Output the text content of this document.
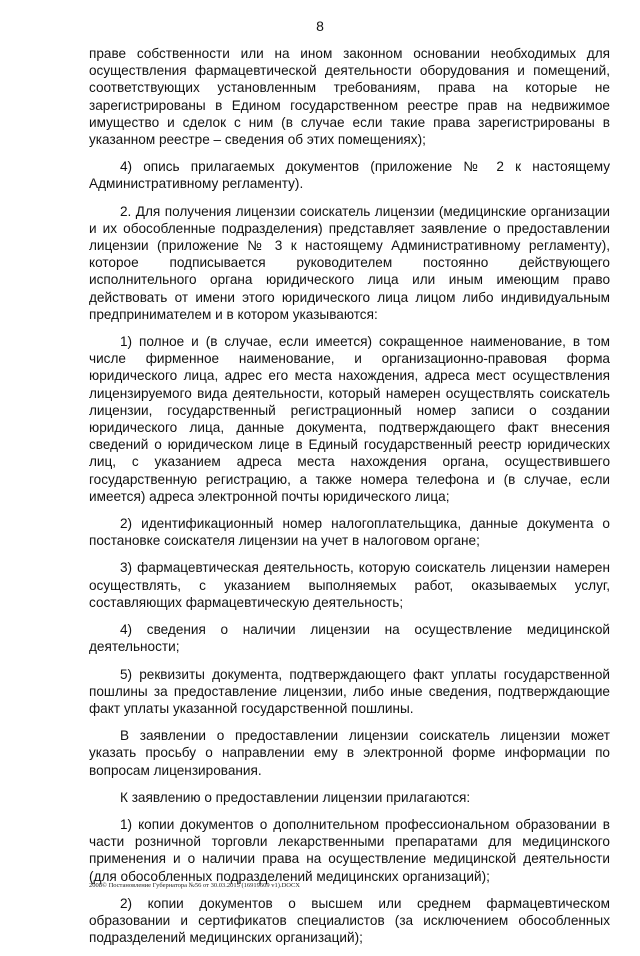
8

праве собственности или на ином законном основании необходимых для осуществления фармацевтической деятельности оборудования и помещений, соответствующих установленным требованиям, права на которые не зарегистрированы в Едином государственном реестре прав на недвижимое имущество и сделок с ним (в случае если такие права зарегистрированы в указанном реестре – сведения об этих помещениях);

4) опись прилагаемых документов (приложение № 2 к настоящему Административному регламенту).

2. Для получения лицензии соискатель лицензии (медицинские организации и их обособленные подразделения) представляет заявление о предоставлении лицензии (приложение № 3 к настоящему Административному регламенту), которое подписывается руководителем постоянно действующего исполнительного органа юридического лица или иным имеющим право действовать от имени этого юридического лица лицом либо индивидуальным предпринимателем и в котором указываются:

1) полное и (в случае, если имеется) сокращенное наименование, в том числе фирменное наименование, и организационно-правовая форма юридического лица, адрес его места нахождения, адреса мест осуществления лицензируемого вида деятельности, который намерен осуществлять соискатель лицензии, государственный регистрационный номер записи о создании юридического лица, данные документа, подтверждающего факт внесения сведений о юридическом лице в Единый государственный реестр юридических лиц, с указанием адреса места нахождения органа, осуществившего государственную регистрацию, а также номера телефона и (в случае, если имеется) адреса электронной почты юридического лица;

2) идентификационный номер налогоплательщика, данные документа о постановке соискателя лицензии на учет в налоговом органе;

3) фармацевтическая деятельность, которую соискатель лицензии намерен осуществлять, с указанием выполняемых работ, оказываемых услуг, составляющих фармацевтическую деятельность;

4) сведения о наличии лицензии на осуществление медицинской деятельности;

5) реквизиты документа, подтверждающего факт уплаты государственной пошлины за предоставление лицензии, либо иные сведения, подтверждающие факт уплаты указанной государственной пошлины.

В заявлении о предоставлении лицензии соискатель лицензии может указать просьбу о направлении ему в электронной форме информации по вопросам лицензирования.

К заявлению о предоставлении лицензии прилагаются:

1) копии документов о дополнительном профессиональном образовании в части розничной торговли лекарственными препаратами для медицинского применения и о наличии права на осуществление медицинской деятельности (для обособленных подразделений медицинских организаций);

2) копии документов о высшем или среднем фармацевтическом образовании и сертификатов специалистов (за исключением обособленных подразделений медицинских организаций);

2008© Постановление Губернатора №56 от 30.03.2015 (16919609 v1).DOCX
